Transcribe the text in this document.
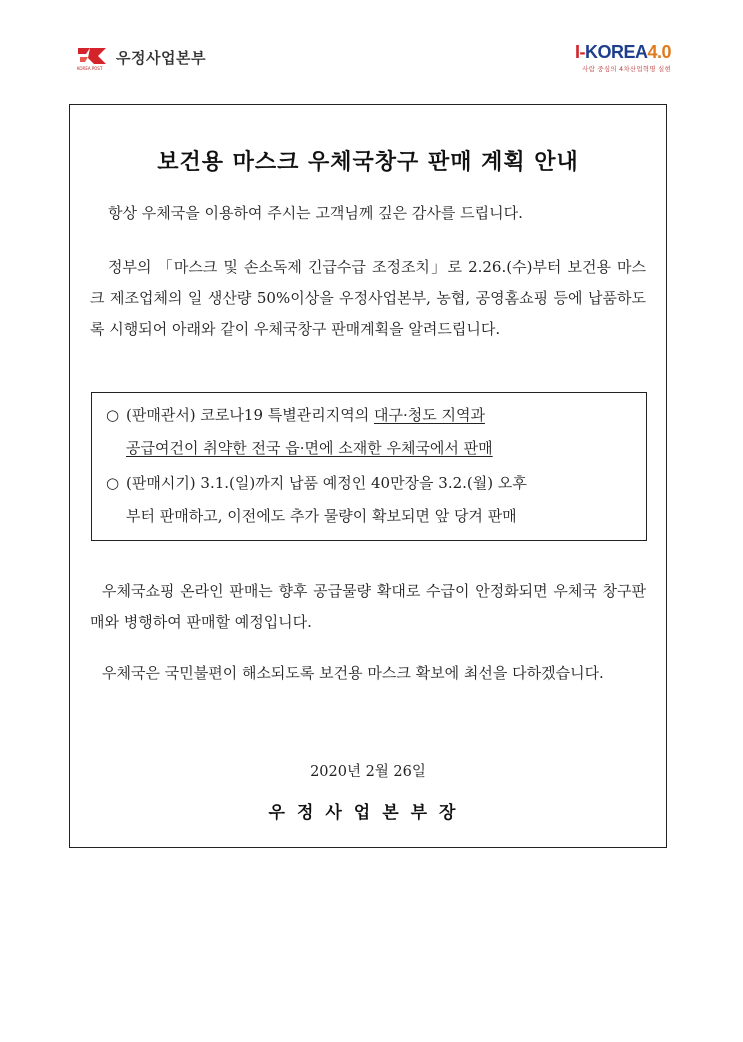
KOREA POST
우정사업본부	I-KOREA4.0
사람 중심의 4차산업혁명 실현
보건용 마스크 우체국창구 판매 계획 안내
항상 우체국을 이용하여 주시는 고객님께 깊은 감사를 드립니다.
정부의 「마스크 및 손소독제 긴급수급 조정조치」로 2.26.(수)부터 보건용 마스크 제조업체의 일 생산량 50%이상을 우정사업본부, 농협, 공영홈쇼핑 등에 납품하도록 시행되어 아래와 같이 우체국창구 판매계획을 알려드립니다.
○ (판매관서) 코로나19 특별관리지역의 대구·청도 지역과
공급여건이 취약한 전국 읍·면에 소재한 우체국에서 판매
○ (판매시기) 3.1.(일)까지 납품 예정인 40만장을 3.2.(월) 오후
부터 판매하고, 이전에도 추가 물량이 확보되면 앞 당겨 판매
우체국쇼핑 온라인 판매는 향후 공급물량 확대로 수급이 안정화되면 우체국 창구판매와 병행하여 판매할 예정입니다.
우체국은 국민불편이 해소되도록 보건용 마스크 확보에 최선을 다하겠습니다.
2020년 2월 26일
우정사업본부장
